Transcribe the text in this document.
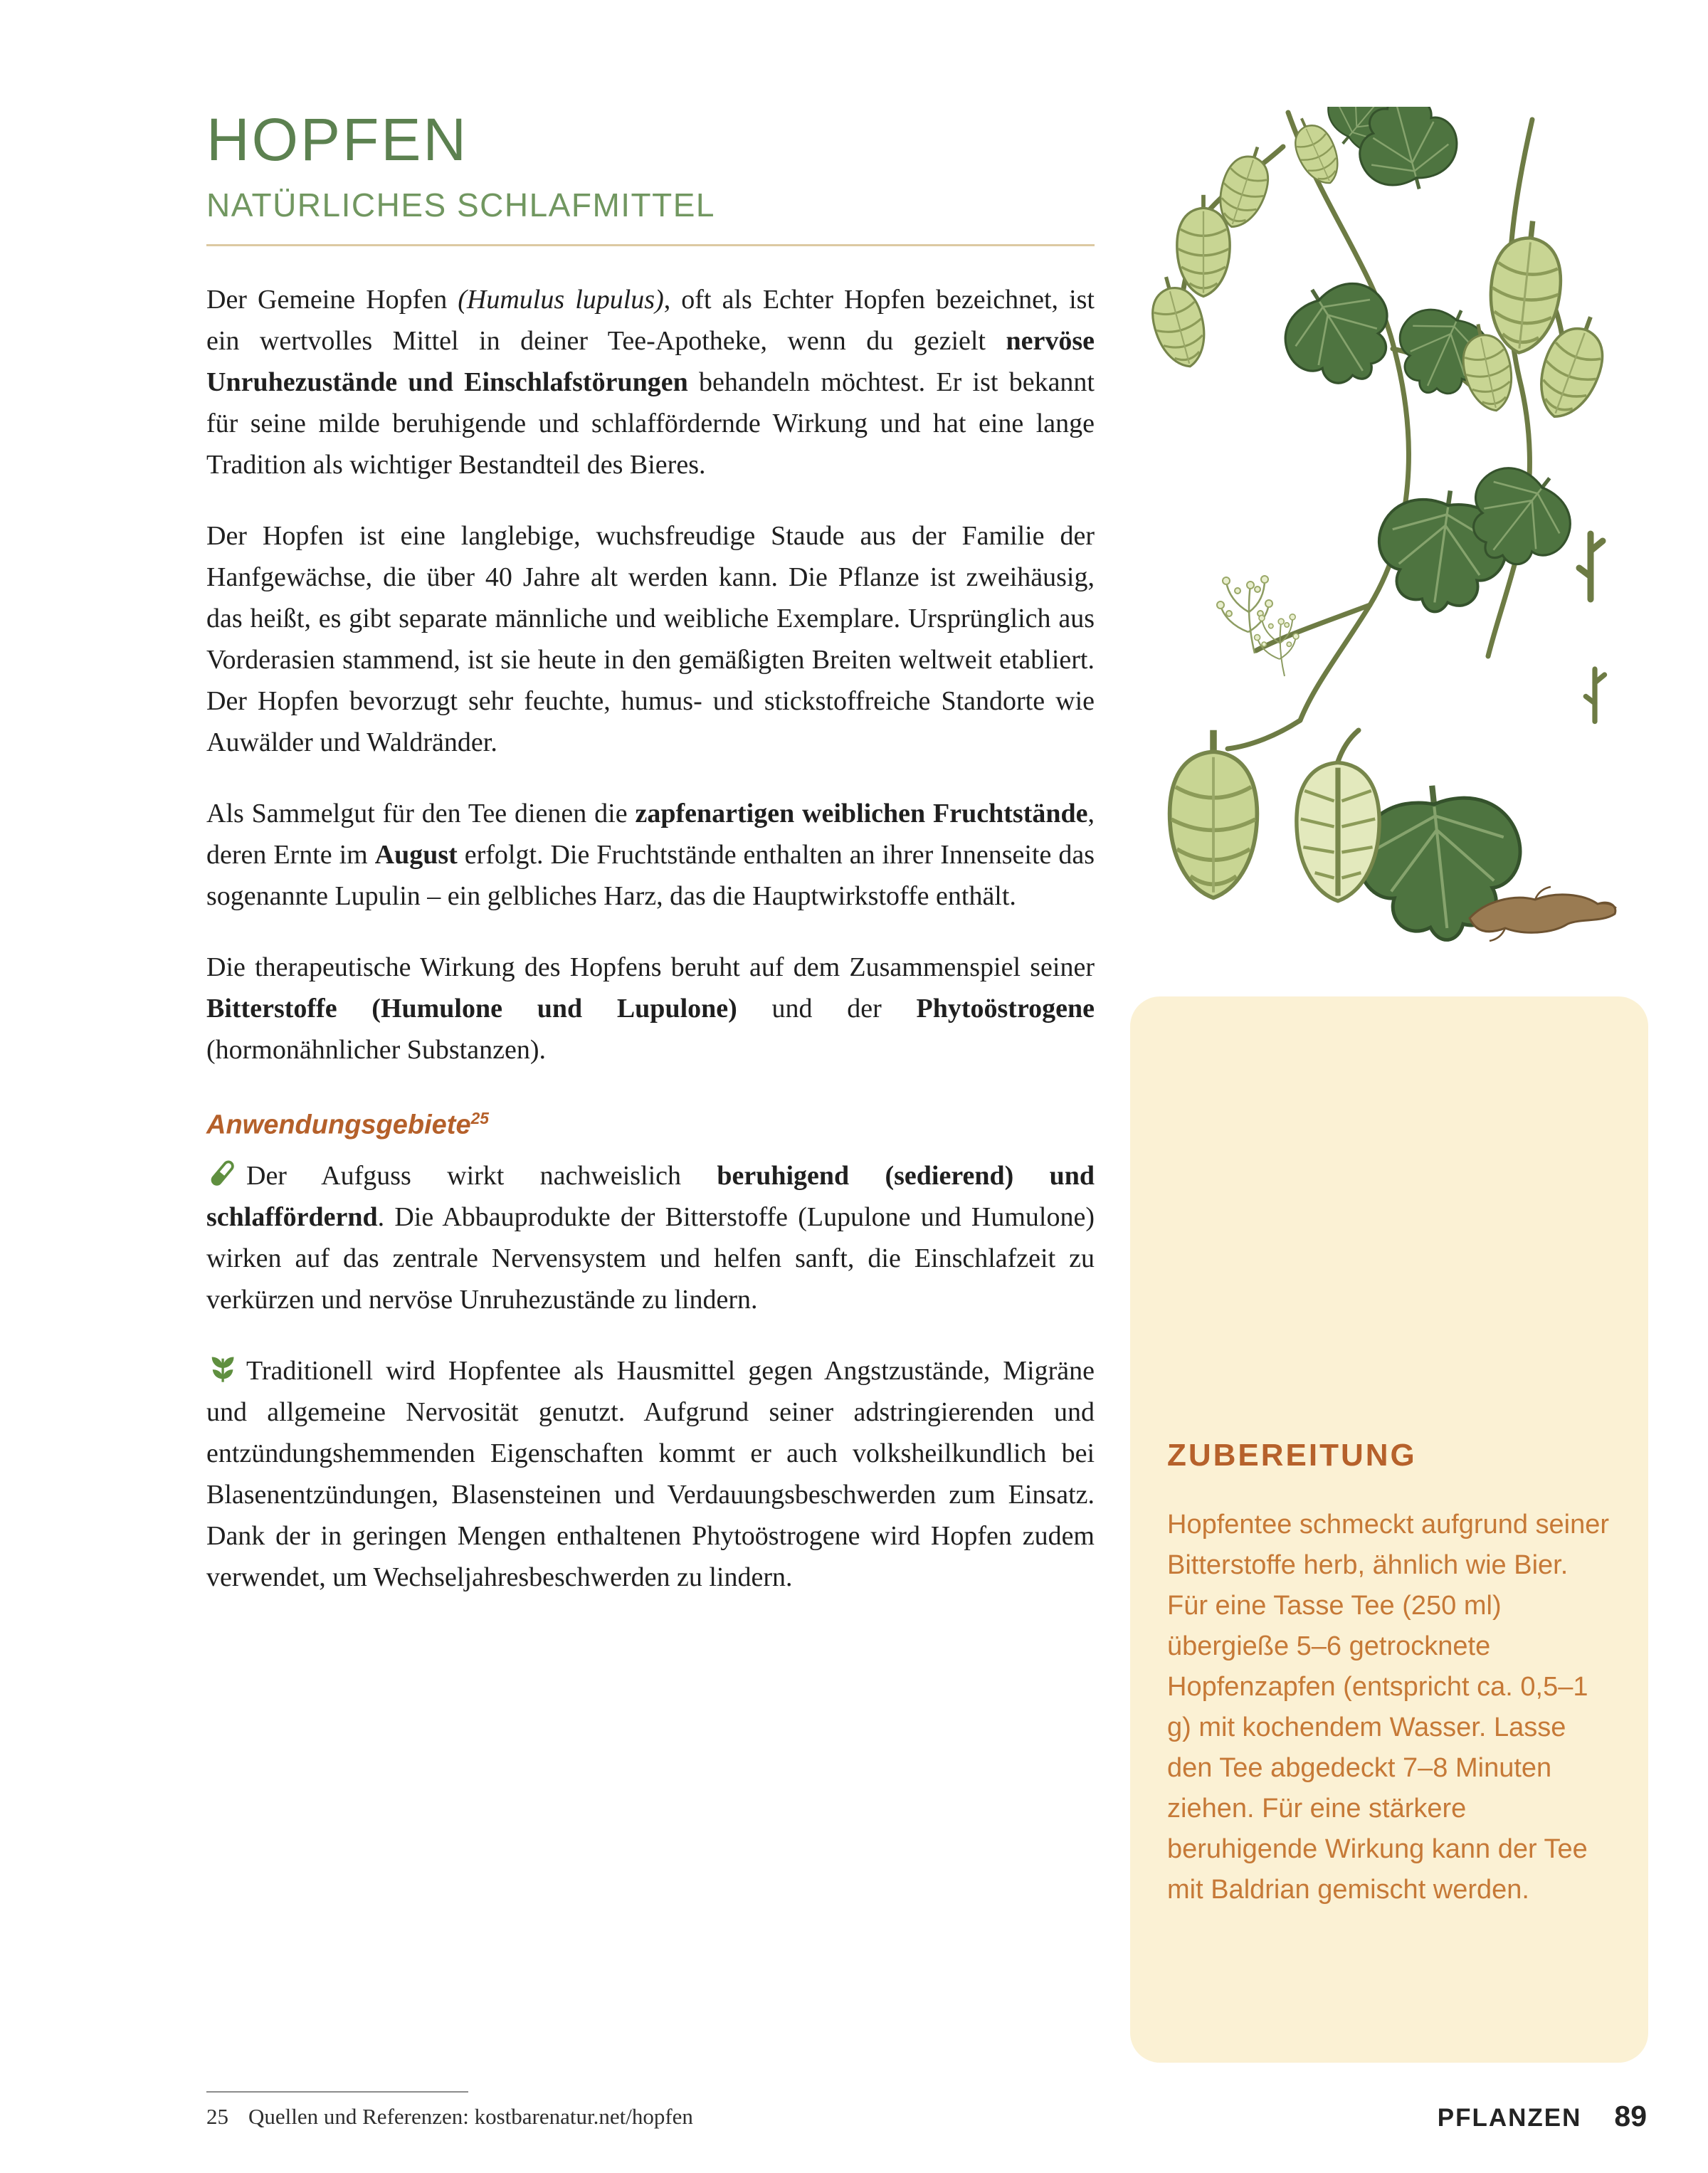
HOPFEN
NATÜRLICHES SCHLAFMITTEL

Der Gemeine Hopfen (Humulus lupulus), oft als Echter Hopfen bezeichnet, ist ein wertvolles Mittel in deiner Tee-Apotheke, wenn du gezielt nervöse Unruhezustände und Einschlafstörungen behandeln möchtest. Er ist bekannt für seine milde beruhigende und schlaffördernde Wirkung und hat eine lange Tradition als wichtiger Bestandteil des Bieres.

Der Hopfen ist eine langlebige, wuchsfreudige Staude aus der Familie der Hanfgewächse, die über 40 Jahre alt werden kann. Die Pflanze ist zweihäusig, das heißt, es gibt separate männliche und weibliche Exemplare. Ursprünglich aus Vorderasien stammend, ist sie heute in den gemäßigten Breiten weltweit etabliert. Der Hopfen bevorzugt sehr feuchte, humus- und stickstoffreiche Standorte wie Auwälder und Waldränder.

Als Sammelgut für den Tee dienen die zapfenartigen weiblichen Fruchtstände, deren Ernte im August erfolgt. Die Fruchtstände enthalten an ihrer Innenseite das sogenannte Lupulin – ein gelbliches Harz, das die Hauptwirkstoffe enthält.

Die therapeutische Wirkung des Hopfens beruht auf dem Zusammenspiel seiner Bitterstoffe (Humulone und Lupulone) und der Phytoöstrogene (hormonähnlicher Substanzen).

Anwendungsgebiete$^{25}$

Der Aufguss wirkt nachweislich beruhigend (sedierend) und schlaffördernd. Die Abbauprodukte der Bitterstoffe (Lupulone und Humulone) wirken auf das zentrale Nervensystem und helfen sanft, die Einschlafzeit zu verkürzen und nervöse Unruhezustände zu lindern.

Traditionell wird Hopfentee als Hausmittel gegen Angstzustände, Migräne und allgemeine Nervosität genutzt. Aufgrund seiner adstringierenden und entzündungshemmenden Eigenschaften kommt er auch volksheilkundlich bei Blasenentzündungen, Blasensteinen und Verdauungsbeschwerden zum Einsatz. Dank der in geringen Mengen enthaltenen Phytoöstrogene wird Hopfen zudem verwendet, um Wechseljahresbeschwerden zu lindern.

ZUBEREITUNG

Hopfentee schmeckt aufgrund seiner Bitterstoffe herb, ähnlich wie Bier. Für eine Tasse Tee (250 ml) übergieße 5–6 getrocknete Hopfenzapfen (entspricht ca. 0,5–1 g) mit kochendem Wasser. Lasse den Tee abgedeckt 7–8 Minuten ziehen. Für eine stärkere beruhigende Wirkung kann der Tee mit Baldrian gemischt werden.

25 Quellen und Referenzen: kostbarenatur.net/hopfen	PFLANZEN 89
